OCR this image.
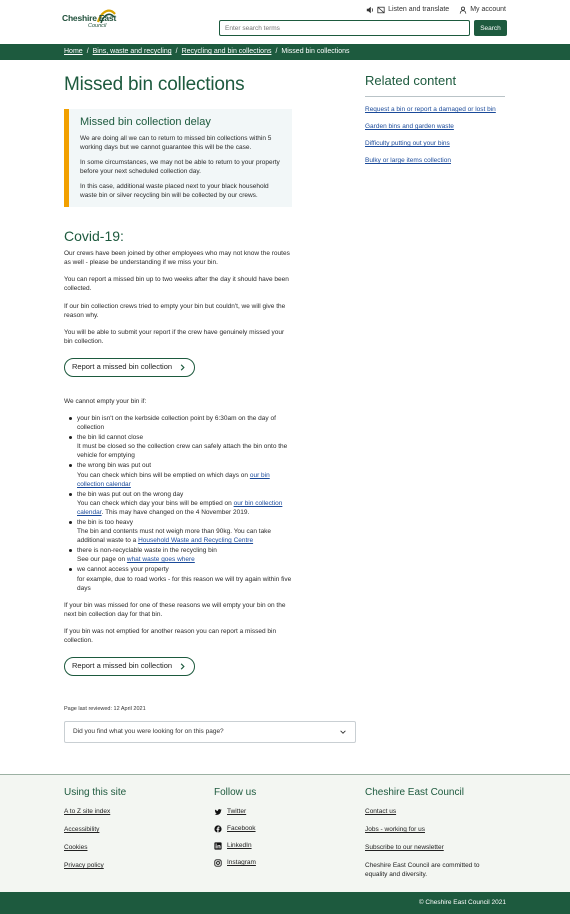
Cheshire East
Council
Listen and translate	My account
Enter search terms
Search
Home / Bins, waste and recycling / Recycling and bin collections / Missed bin collections
Missed bin collections
Missed bin collection delay

We are doing all we can to return to missed bin collections within 5 working days but we cannot guarantee this will be the case.

In some circumstances, we may not be able to return to your property before your next scheduled collection day.

In this case, additional waste placed next to your black household waste bin or silver recycling bin will be collected by our crews.

Covid-19:

Our crews have been joined by other employees who may not know the routes as well - please be understanding if we miss your bin.

You can report a missed bin up to two weeks after the day it should have been collected.

If our bin collection crews tried to empty your bin but couldn't, we will give the reason why.

You will be able to submit your report if the crew have genuinely missed your bin collection.

Report a missed bin collection

We cannot empty your bin if:

your bin isn't on the kerbside collection point by 6:30am on the day of collection
the bin lid cannot close
It must be closed so the collection crew can safely attach the bin onto the vehicle for emptying
the wrong bin was put out
You can check which bins will be emptied on which days on our bin collection calendar
the bin was put out on the wrong day
You can check which day your bins will be emptied on our bin collection calendar. This may have changed on the 4 November 2019.
the bin is too heavy
The bin and contents must not weigh more than 90kg. You can take additional waste to a Household Waste and Recycling Centre
there is non-recyclable waste in the recycling bin
See our page on what waste goes where
we cannot access your property
for example, due to road works - for this reason we will try again within five days

If your bin was missed for one of these reasons we will empty your bin on the next bin collection day for that bin.

If you bin was not emptied for another reason you can report a missed bin collection.

Report a missed bin collection

Page last reviewed: 12 April 2021

Did you find what you were looking for on this page?
Related content
Request a bin or report a damaged or lost bin
Garden bins and garden waste
Difficulty putting out your bins
Bulky or large items collection
Using this site
A to Z site index
Accessibility
Cookies
Privacy policy
Follow us
Twitter
Facebook
LinkedIn
Instagram
Cheshire East Council
Contact us
Jobs - working for us
Subscribe to our newsletter

Cheshire East Council are committed to equality and diversity.

© Cheshire East Council 2021
